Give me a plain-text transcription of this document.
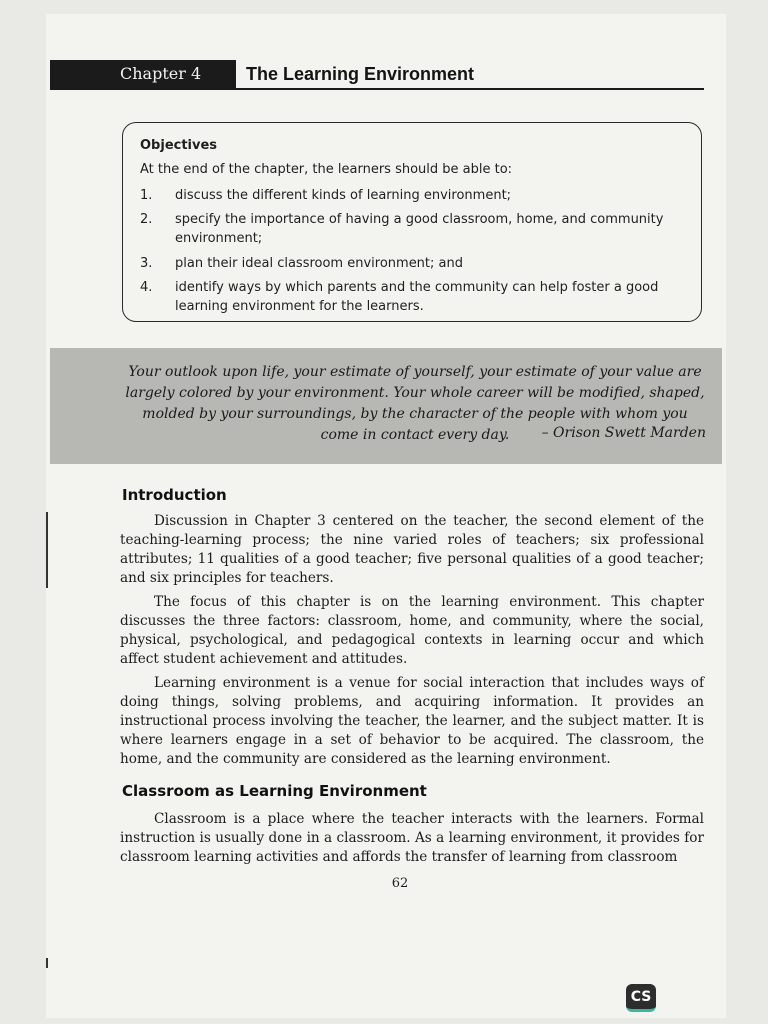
Chapter 4 The Learning Environment
Objectives
At the end of the chapter, the learners should be able to:
1.	discuss the different kinds of learning environment;
2.	specify the importance of having a good classroom, home, and community environment;
3.	plan their ideal classroom environment; and
4.	identify ways by which parents and the community can help foster a good learning environment for the learners.
Your outlook upon life, your estimate of yourself, your estimate of your value are largely colored by your environment. Your whole career will be modified, shaped, molded by your surroundings, by the character of the people with whom you come in contact every day.	– Orison Swett Marden
Introduction
Discussion in Chapter 3 centered on the teacher, the second element of the teaching-learning process; the nine varied roles of teachers; six professional attributes; 11 qualities of a good teacher; five personal qualities of a good teacher; and six principles for teachers.
The focus of this chapter is on the learning environment. This chapter discusses the three factors: classroom, home, and community, where the social, physical, psychological, and pedagogical contexts in learning occur and which affect student achievement and attitudes.
Learning environment is a venue for social interaction that includes ways of doing things, solving problems, and acquiring information. It provides an instructional process involving the teacher, the learner, and the subject matter. It is where learners engage in a set of behavior to be acquired. The classroom, the home, and the community are considered as the learning environment.
Classroom as Learning Environment
Classroom is a place where the teacher interacts with the learners. Formal instruction is usually done in a classroom. As a learning environment, it provides for classroom learning activities and affords the transfer of learning from classroom
62
CS
